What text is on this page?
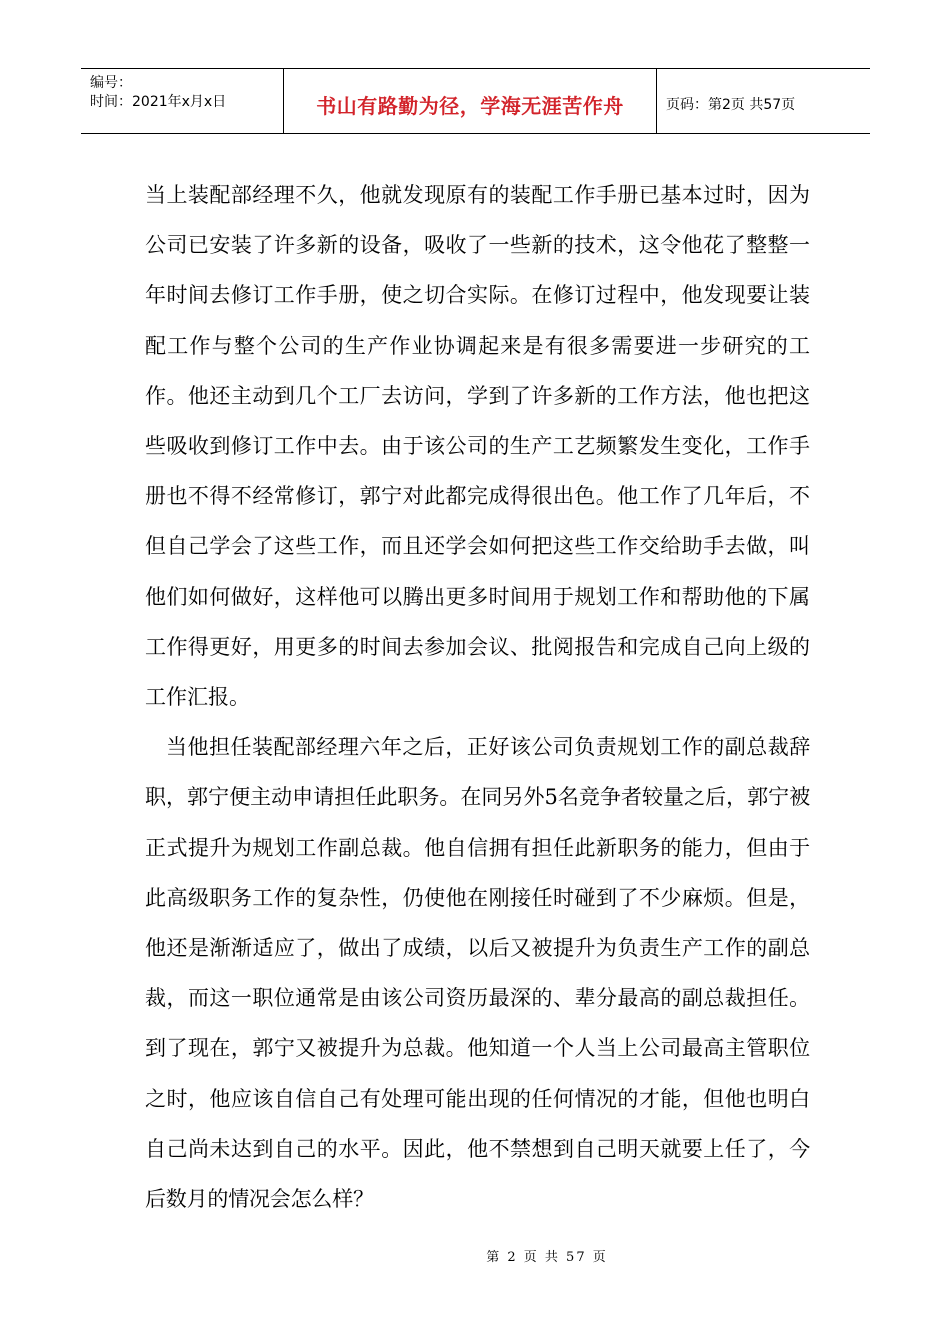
编号：
时间：2021年x月x日	书山有路勤为径，学海无涯苦作舟	页码：第2页 共57页

当上装配部经理不久，他就发现原有的装配工作手册已基本过时，因为公司已安装了许多新的设备，吸收了一些新的技术，这令他花了整整一年时间去修订工作手册，使之切合实际。在修订过程中，他发现要让装配工作与整个公司的生产作业协调起来是有很多需要进一步研究的工作。他还主动到几个工厂去访问，学到了许多新的工作方法，他也把这些吸收到修订工作中去。由于该公司的生产工艺频繁发生变化，工作手册也不得不经常修订，郭宁对此都完成得很出色。他工作了几年后，不但自己学会了这些工作，而且还学会如何把这些工作交给助手去做，叫他们如何做好，这样他可以腾出更多时间用于规划工作和帮助他的下属工作得更好，用更多的时间去参加会议、批阅报告和完成自己向上级的工作汇报。

当他担任装配部经理六年之后，正好该公司负责规划工作的副总裁辞职，郭宁便主动申请担任此职务。在同另外5名竞争者较量之后，郭宁被正式提升为规划工作副总裁。他自信拥有担任此新职务的能力，但由于此高级职务工作的复杂性，仍使他在刚接任时碰到了不少麻烦。但是，他还是渐渐适应了，做出了成绩，以后又被提升为负责生产工作的副总裁，而这一职位通常是由该公司资历最深的、辈分最高的副总裁担任。到了现在，郭宁又被提升为总裁。他知道一个人当上公司最高主管职位之时，他应该自信自己有处理可能出现的任何情况的才能，但他也明白自己尚未达到自己的水平。因此，他不禁想到自己明天就要上任了，今后数月的情况会怎么样？

第 2 页 共 57 页
